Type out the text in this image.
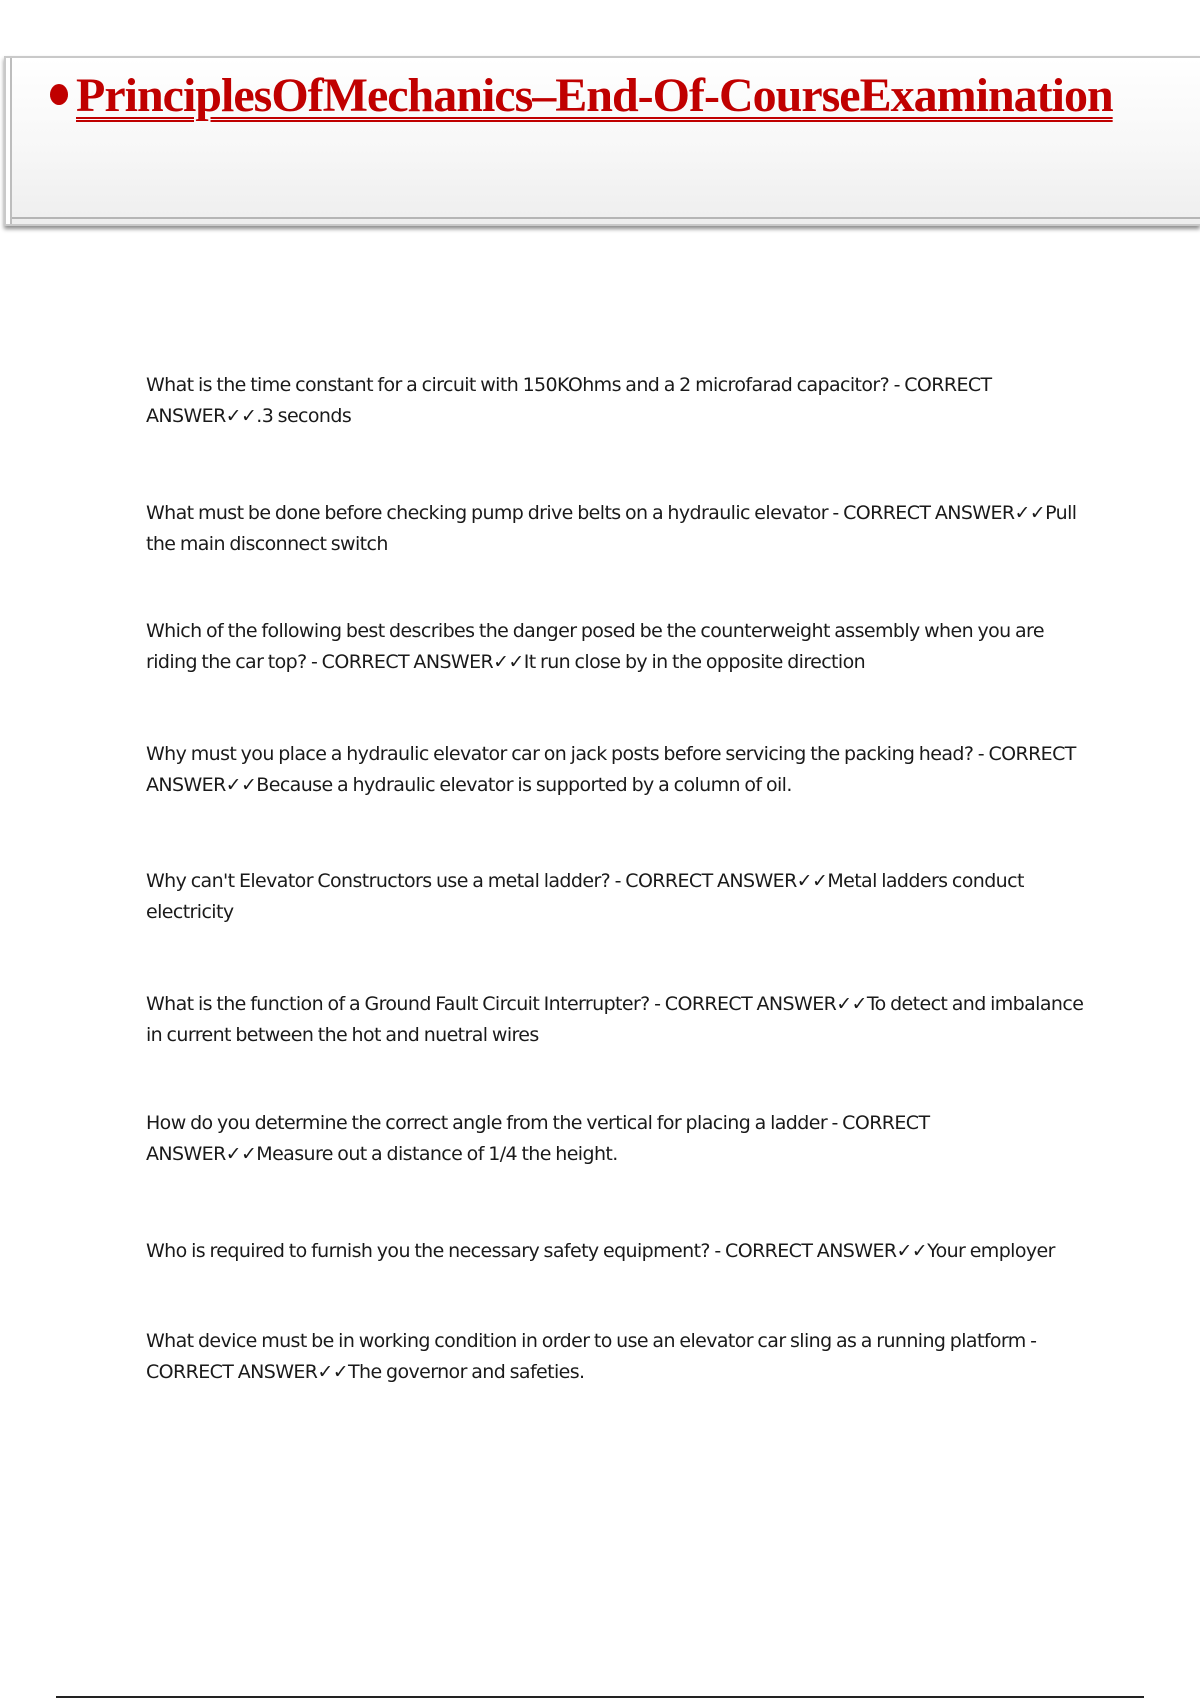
PrinciplesOfMechanics–End-Of-CourseExamination

What is the time constant for a circuit with 150KOhms and a 2 microfarad capacitor? - CORRECT ANSWER✓✓.3 seconds

What must be done before checking pump drive belts on a hydraulic elevator - CORRECT ANSWER✓✓Pull the main disconnect switch

Which of the following best describes the danger posed be the counterweight assembly when you are riding the car top? - CORRECT ANSWER✓✓It run close by in the opposite direction

Why must you place a hydraulic elevator car on jack posts before servicing the packing head? - CORRECT ANSWER✓✓Because a hydraulic elevator is supported by a column of oil.

Why can't Elevator Constructors use a metal ladder? - CORRECT ANSWER✓✓Metal ladders conduct electricity

What is the function of a Ground Fault Circuit Interrupter? - CORRECT ANSWER✓✓To detect and imbalance in current between the hot and nuetral wires

How do you determine the correct angle from the vertical for placing a ladder - CORRECT ANSWER✓✓Measure out a distance of 1/4 the height.

Who is required to furnish you the necessary safety equipment? - CORRECT ANSWER✓✓Your employer

What device must be in working condition in order to use an elevator car sling as a running platform - CORRECT ANSWER✓✓The governor and safeties.
